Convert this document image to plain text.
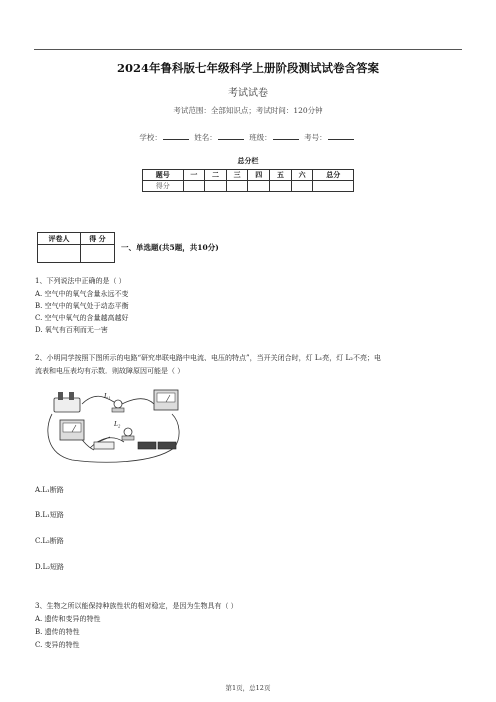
2024年鲁科版七年级科学上册阶段测试试卷含答案
考试试卷
考试范围：全部知识点；考试时间：120分钟
学校：	姓名：	班级：	考号：
总分栏
题号	一	二	三	四	五	六	总分
得分							
评卷人	得 分

一、单选题(共5题，共10分)
1、下列说法中正确的是（ ）
A. 空气中的氧气含量永远不变
B. 空气中的氧气处于动态平衡
C. 空气中氧气的含量越高越好
D. 氧气有百利而无一害
2、小明同学按照下图所示的电路“研究串联电路中电流、电压的特点”，当开关闭合时，灯 L₁亮，灯 L₂不亮；电
流表和电压表均有示数．则故障原因可能是（ ）
L₁
L₂
A.L₁断路
B.L₁短路
C.L₂断路
D.L₂短路
3、生物之所以能保持种族性状的相对稳定，是因为生物具有（ ）
A. 遗传和变异的特性
B. 遗传的特性
C. 变异的特性
第1页，总12页
